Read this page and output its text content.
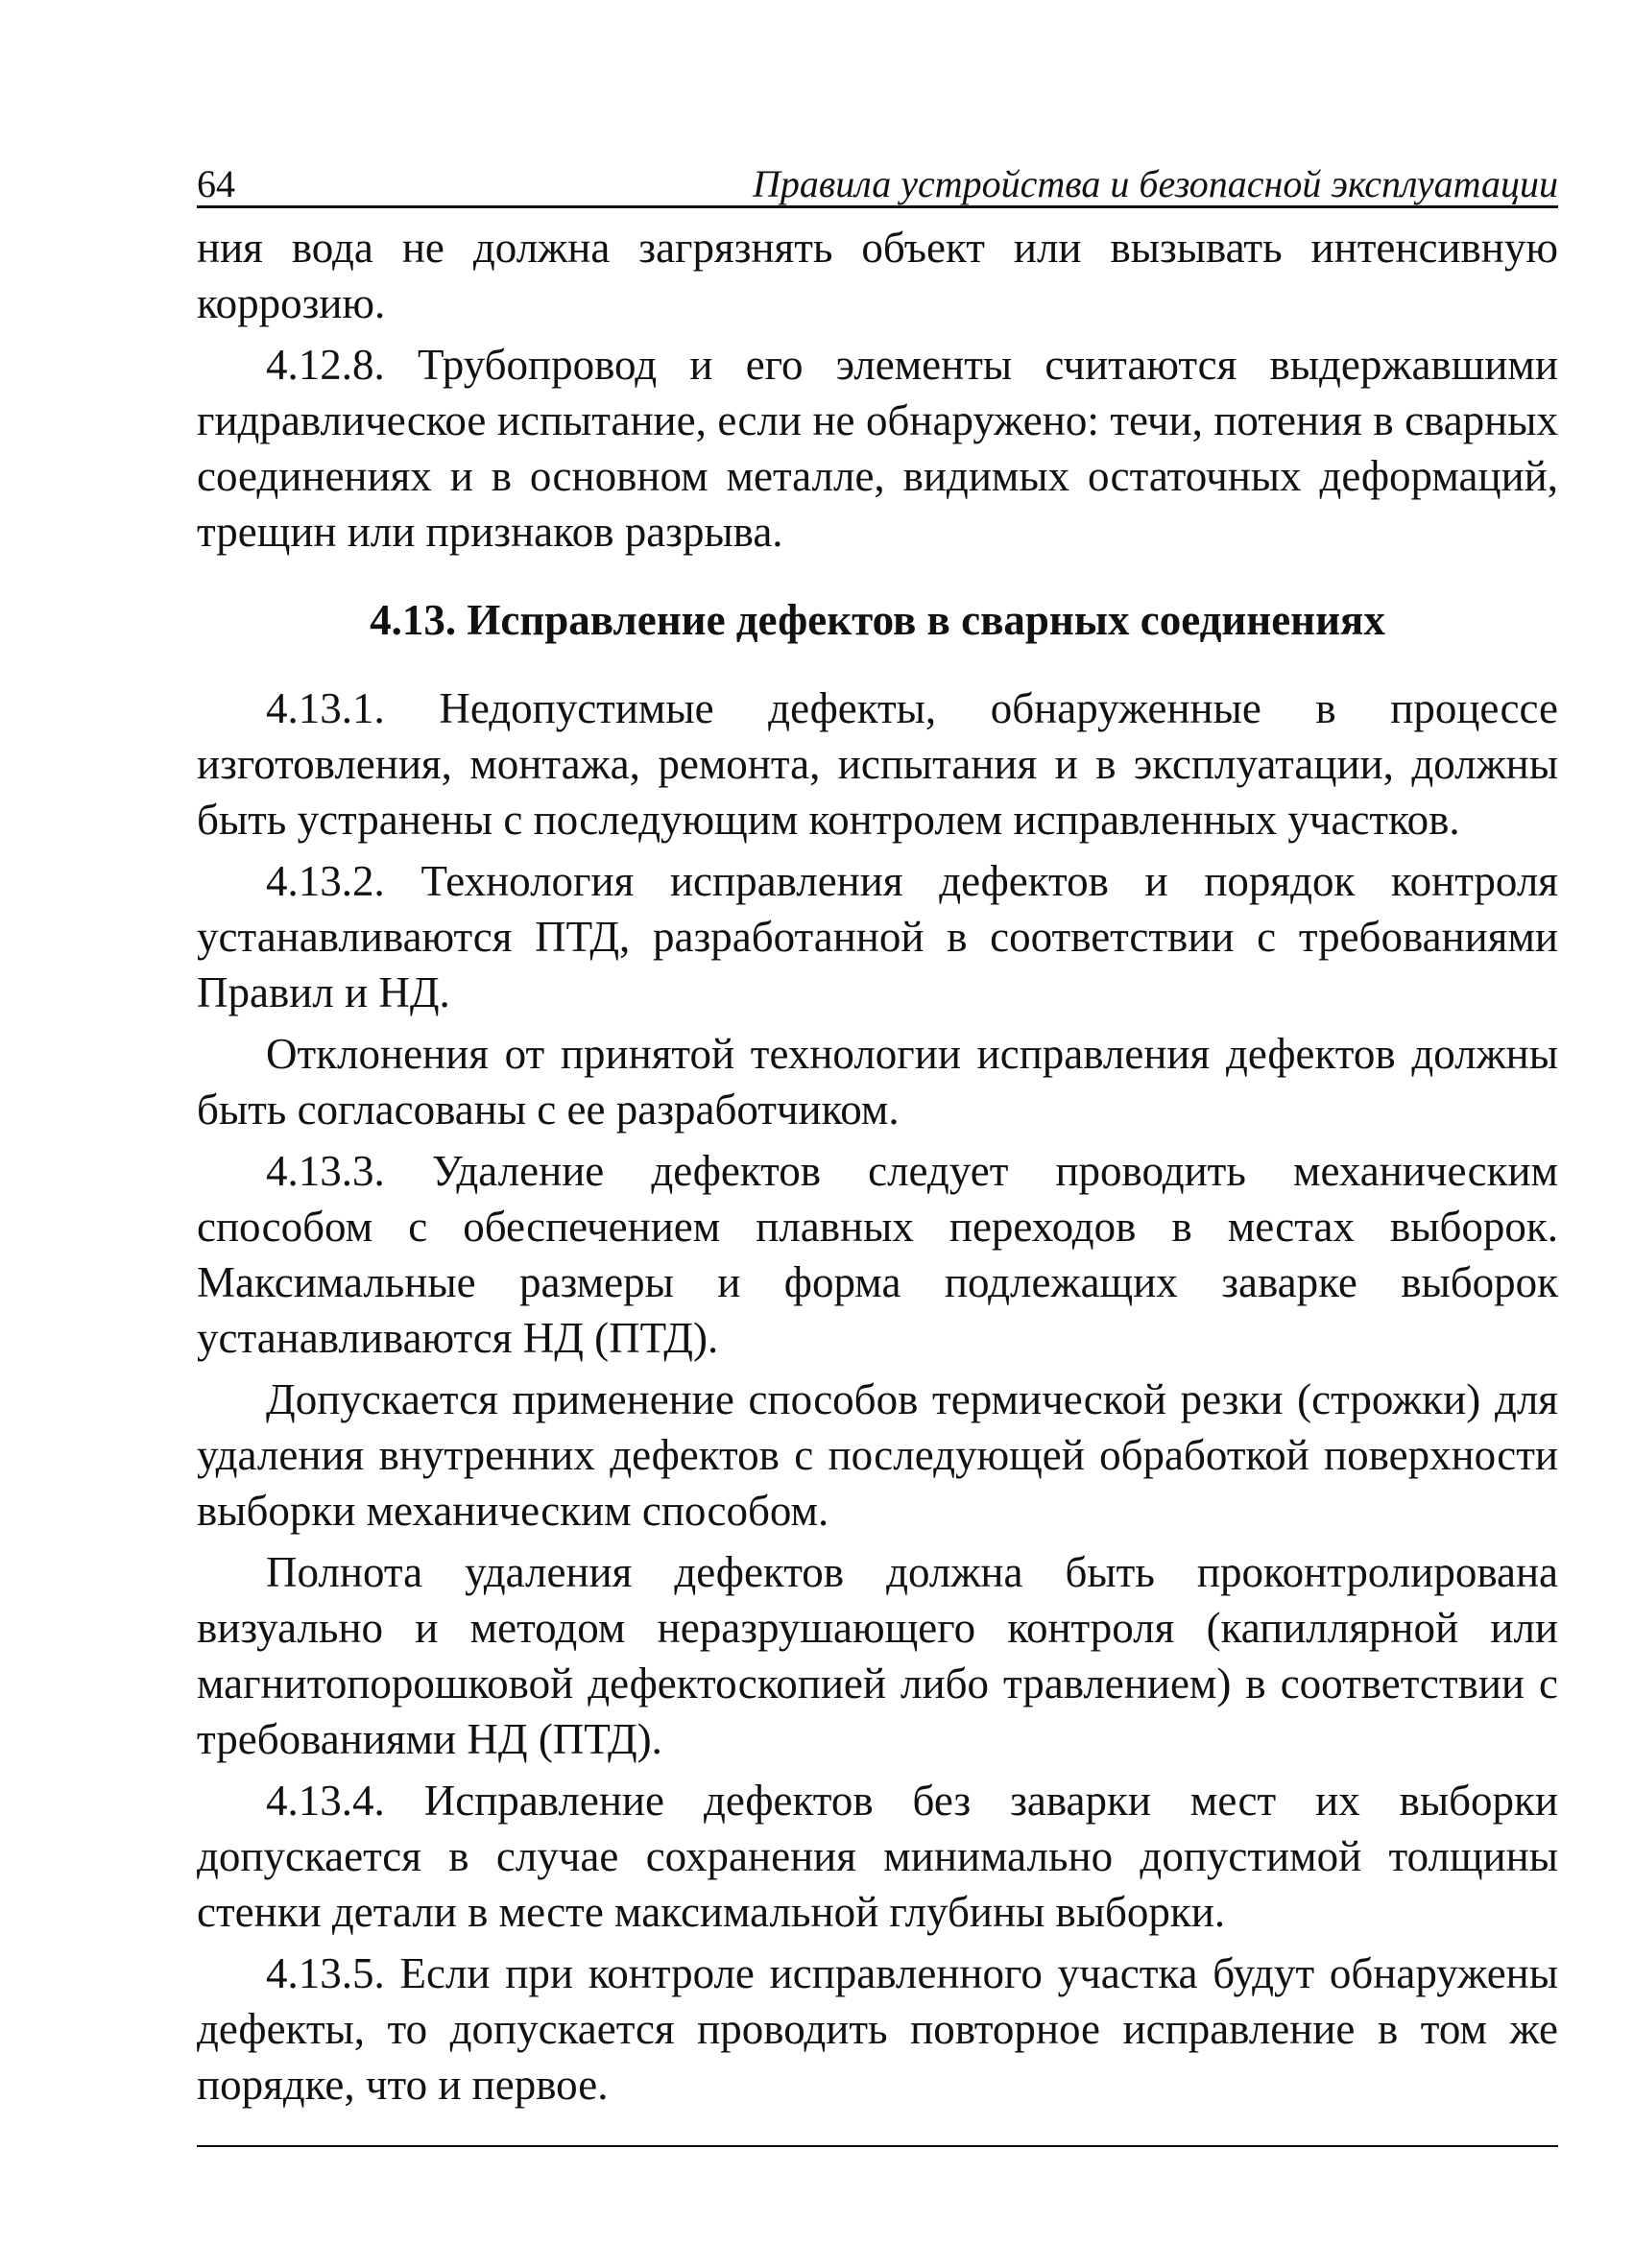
64	Правила устройства и безопасной эксплуатации

ния вода не должна загрязнять объект или вызывать интенсивную коррозию.

4.12.8. Трубопровод и его элементы считаются выдержавшими гидравлическое испытание, если не обнаружено: течи, потения в сварных соединениях и в основном металле, видимых остаточных деформаций, трещин или признаков разрыва.

4.13. Исправление дефектов в сварных соединениях

4.13.1. Недопустимые дефекты, обнаруженные в процессе изготовления, монтажа, ремонта, испытания и в эксплуатации, должны быть устранены с последующим контролем исправленных участков.

4.13.2. Технология исправления дефектов и порядок контроля устанавливаются ПТД, разработанной в соответствии с требованиями Правил и НД.

Отклонения от принятой технологии исправления дефектов должны быть согласованы с ее разработчиком.

4.13.3. Удаление дефектов следует проводить механическим способом с обеспечением плавных переходов в местах выборок. Максимальные размеры и форма подлежащих заварке выборок устанавливаются НД (ПТД).

Допускается применение способов термической резки (строжки) для удаления внутренних дефектов с последующей обработкой поверхности выборки механическим способом.

Полнота удаления дефектов должна быть проконтролирована визуально и методом неразрушающего контроля (капиллярной или магнитопорошковой дефектоскопией либо травлением) в соответствии с требованиями НД (ПТД).

4.13.4. Исправление дефектов без заварки мест их выборки допускается в случае сохранения минимально допустимой толщины стенки детали в месте максимальной глубины выборки.

4.13.5. Если при контроле исправленного участка будут обнаружены дефекты, то допускается проводить повторное исправление в том же порядке, что и первое.
